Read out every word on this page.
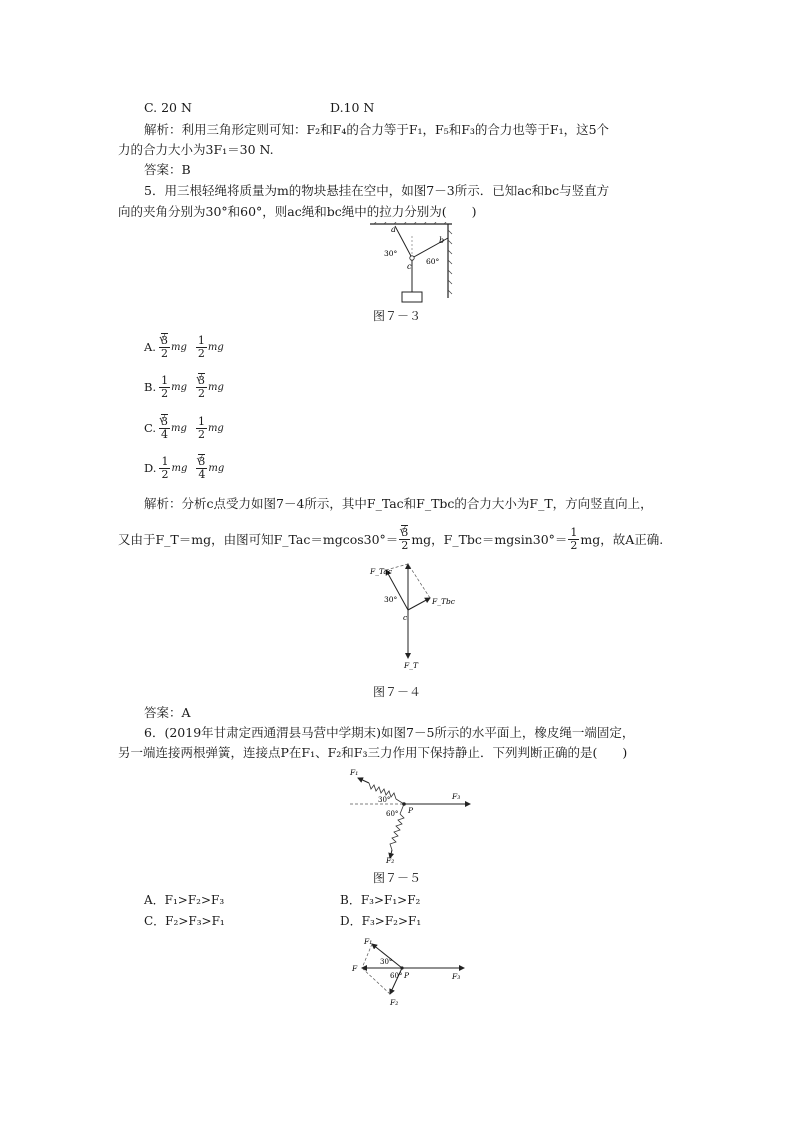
C. 20 N	D.10 N
解析：利用三角形定则可知：F₂和F₄的合力等于F₁，F₅和F₃的合力也等于F₁，这5个
力的合力大小为3F₁＝30 N.
答案：B
5．用三根轻绳将质量为m的物块悬挂在空中，如图7－3所示．已知ac和bc与竖直方
向的夹角分别为30°和60°，则ac绳和bc绳中的拉力分别为(　　)
a
b
c
30°
60°
图７－３
A. √ $\frac{3}{2}$ mg $\frac{1}{2}$ mg
B. $\frac{1}{2}$ mg √ $\frac{3}{2}$ mg
C. √ $\frac{3}{4}$ mg $\frac{1}{2}$ mg
D. $\frac{1}{2}$ mg √ $\frac{3}{4}$ mg
解析：分析c点受力如图7－4所示，其中F_Tac和F_Tbc的合力大小为F_T，方向竖直向上，
又由于F_T＝mg，由图可知F_Tac＝mgcos30°＝ √ $\frac{3}{2}$ mg，F_Tbc＝mgsin30°＝ $\frac{1}{2}$ mg，故A正确.
F_Tac
F_Tbc
F_T
c
30°
图７－４
答案：A
6．(2019年甘肃定西通渭县马营中学期末)如图7－5所示的水平面上，橡皮绳一端固定，
另一端连接两根弹簧，连接点P在F₁、F₂和F₃三力作用下保持静止．下列判断正确的是(　　)
F₁
F₂
F₃
P
30°
60°
图７－５
A．F₁>F₂>F₃	B．F₃>F₁>F₂
C．F₂>F₃>F₁	D．F₃>F₂>F₁
F₁
F₂
F₃
F
P
30°
60°
